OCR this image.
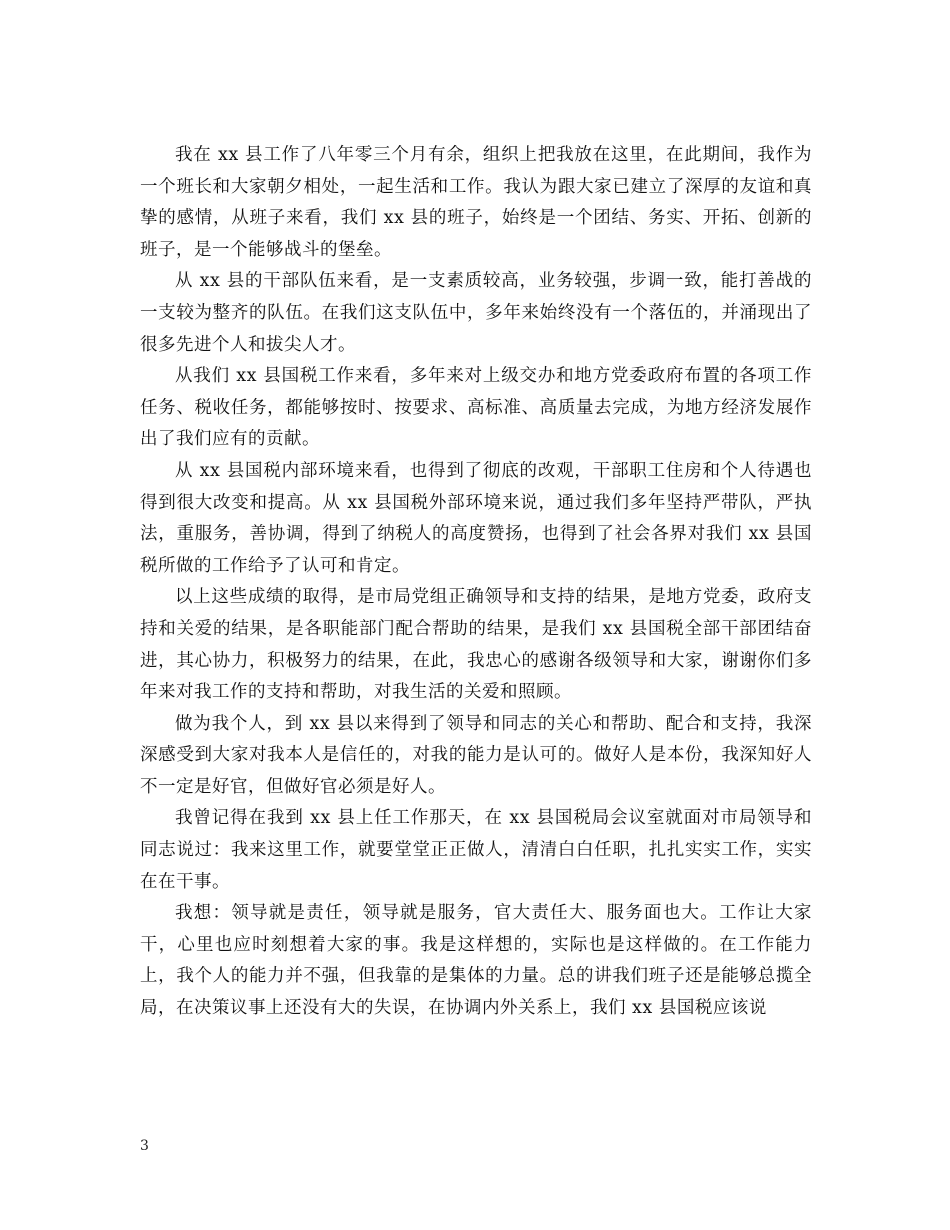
我在 xx 县工作了八年零三个月有余，组织上把我放在这里，在此期间，我作为一个班长和大家朝夕相处，一起生活和工作。我认为跟大家已建立了深厚的友谊和真挚的感情，从班子来看，我们 xx 县的班子，始终是一个团结、务实、开拓、创新的班子，是一个能够战斗的堡垒。

从 xx 县的干部队伍来看，是一支素质较高，业务较强，步调一致，能打善战的一支较为整齐的队伍。在我们这支队伍中，多年来始终没有一个落伍的，并涌现出了很多先进个人和拔尖人才。

从我们 xx 县国税工作来看，多年来对上级交办和地方党委政府布置的各项工作任务、税收任务，都能够按时、按要求、高标准、高质量去完成，为地方经济发展作出了我们应有的贡献。

从 xx 县国税内部环境来看，也得到了彻底的改观，干部职工住房和个人待遇也得到很大改变和提高。从 xx 县国税外部环境来说，通过我们多年坚持严带队，严执法，重服务，善协调，得到了纳税人的高度赞扬，也得到了社会各界对我们 xx 县国税所做的工作给予了认可和肯定。

以上这些成绩的取得，是市局党组正确领导和支持的结果，是地方党委，政府支持和关爱的结果，是各职能部门配合帮助的结果，是我们 xx 县国税全部干部团结奋进，其心协力，积极努力的结果，在此，我忠心的感谢各级领导和大家，谢谢你们多年来对我工作的支持和帮助，对我生活的关爱和照顾。

做为我个人，到 xx 县以来得到了领导和同志的关心和帮助、配合和支持，我深深感受到大家对我本人是信任的，对我的能力是认可的。做好人是本份，我深知好人不一定是好官，但做好官必须是好人。

我曾记得在我到 xx 县上任工作那天，在 xx 县国税局会议室就面对市局领导和同志说过：我来这里工作，就要堂堂正正做人，清清白白任职，扎扎实实工作，实实在在干事。

我想：领导就是责任，领导就是服务，官大责任大、服务面也大。工作让大家干，心里也应时刻想着大家的事。我是这样想的，实际也是这样做的。在工作能力上，我个人的能力并不强，但我靠的是集体的力量。总的讲我们班子还是能够总揽全局，在决策议事上还没有大的失误，在协调内外关系上，我们 xx 县国税应该说

3
